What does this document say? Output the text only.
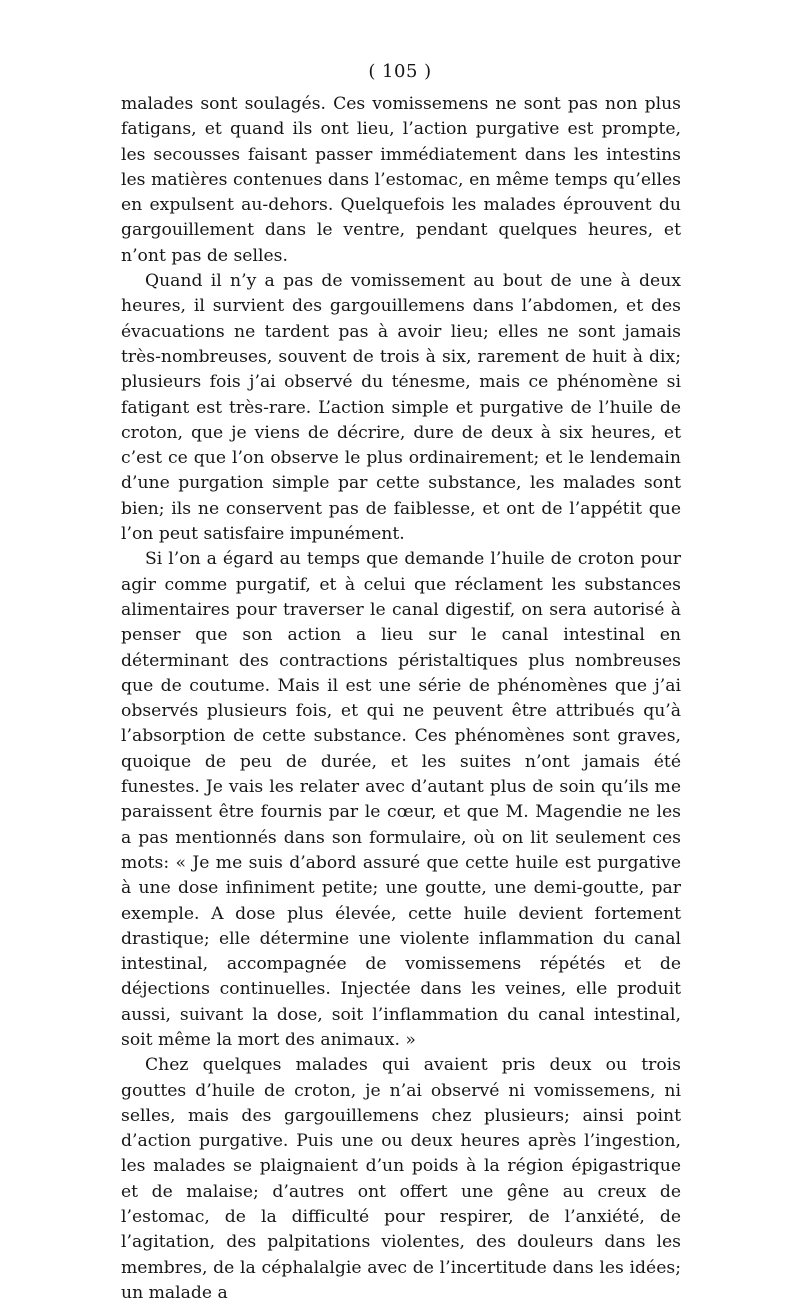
( 105 )

malades sont soulagés. Ces vomissemens ne sont pas non plus fatigans, et quand ils ont lieu, l’action purgative est prompte, les secousses faisant passer immédiatement dans les intestins les matières contenues dans l’estomac, en même temps qu’elles en expulsent au-dehors. Quelquefois les malades éprouvent du gargouillement dans le ventre, pendant quelques heures, et n’ont pas de selles.

Quand il n’y a pas de vomissement au bout de une à deux heures, il survient des gargouillemens dans l’abdomen, et des évacuations ne tardent pas à avoir lieu; elles ne sont jamais très-nombreuses, souvent de trois à six, rarement de huit à dix; plusieurs fois j’ai observé du ténesme, mais ce phénomène si fatigant est très-rare. L’action simple et purgative de l’huile de croton, que je viens de décrire, dure de deux à six heures, et c’est ce que l’on observe le plus ordinairement; et le lendemain d’une purgation simple par cette substance, les malades sont bien; ils ne conservent pas de faiblesse, et ont de l’appétit que l’on peut satisfaire impunément.

Si l’on a égard au temps que demande l’huile de croton pour agir comme purgatif, et à celui que réclament les substances alimentaires pour traverser le canal digestif, on sera autorisé à penser que son action a lieu sur le canal intestinal en déterminant des contractions péristaltiques plus nombreuses que de coutume. Mais il est une série de phénomènes que j’ai observés plusieurs fois, et qui ne peuvent être attribués qu’à l’absorption de cette substance. Ces phénomènes sont graves, quoique de peu de durée, et les suites n’ont jamais été funestes. Je vais les relater avec d’autant plus de soin qu’ils me paraissent être fournis par le cœur, et que M. Magendie ne les a pas mentionnés dans son formulaire, où on lit seulement ces mots: « Je me suis d’abord assuré que cette huile est purgative à une dose infiniment petite; une goutte, une demi-goutte, par exemple. A dose plus élevée, cette huile devient fortement drastique; elle détermine une violente inflammation du canal intestinal, accompagnée de vomissemens répétés et de déjections continuelles. Injectée dans les veines, elle produit aussi, suivant la dose, soit l’inflammation du canal intestinal, soit même la mort des animaux. »

Chez quelques malades qui avaient pris deux ou trois gouttes d’huile de croton, je n’ai observé ni vomissemens, ni selles, mais des gargouillemens chez plusieurs; ainsi point d’action purgative. Puis une ou deux heures après l’ingestion, les malades se plaignaient d’un poids à la région épigastrique et de malaise; d’autres ont offert une gêne au creux de l’estomac, de la difficulté pour respirer, de l’anxiété, de l’agitation, des palpitations violentes, des douleurs dans les membres, de la céphalalgie avec de l’incertitude dans les idées; un malade a
